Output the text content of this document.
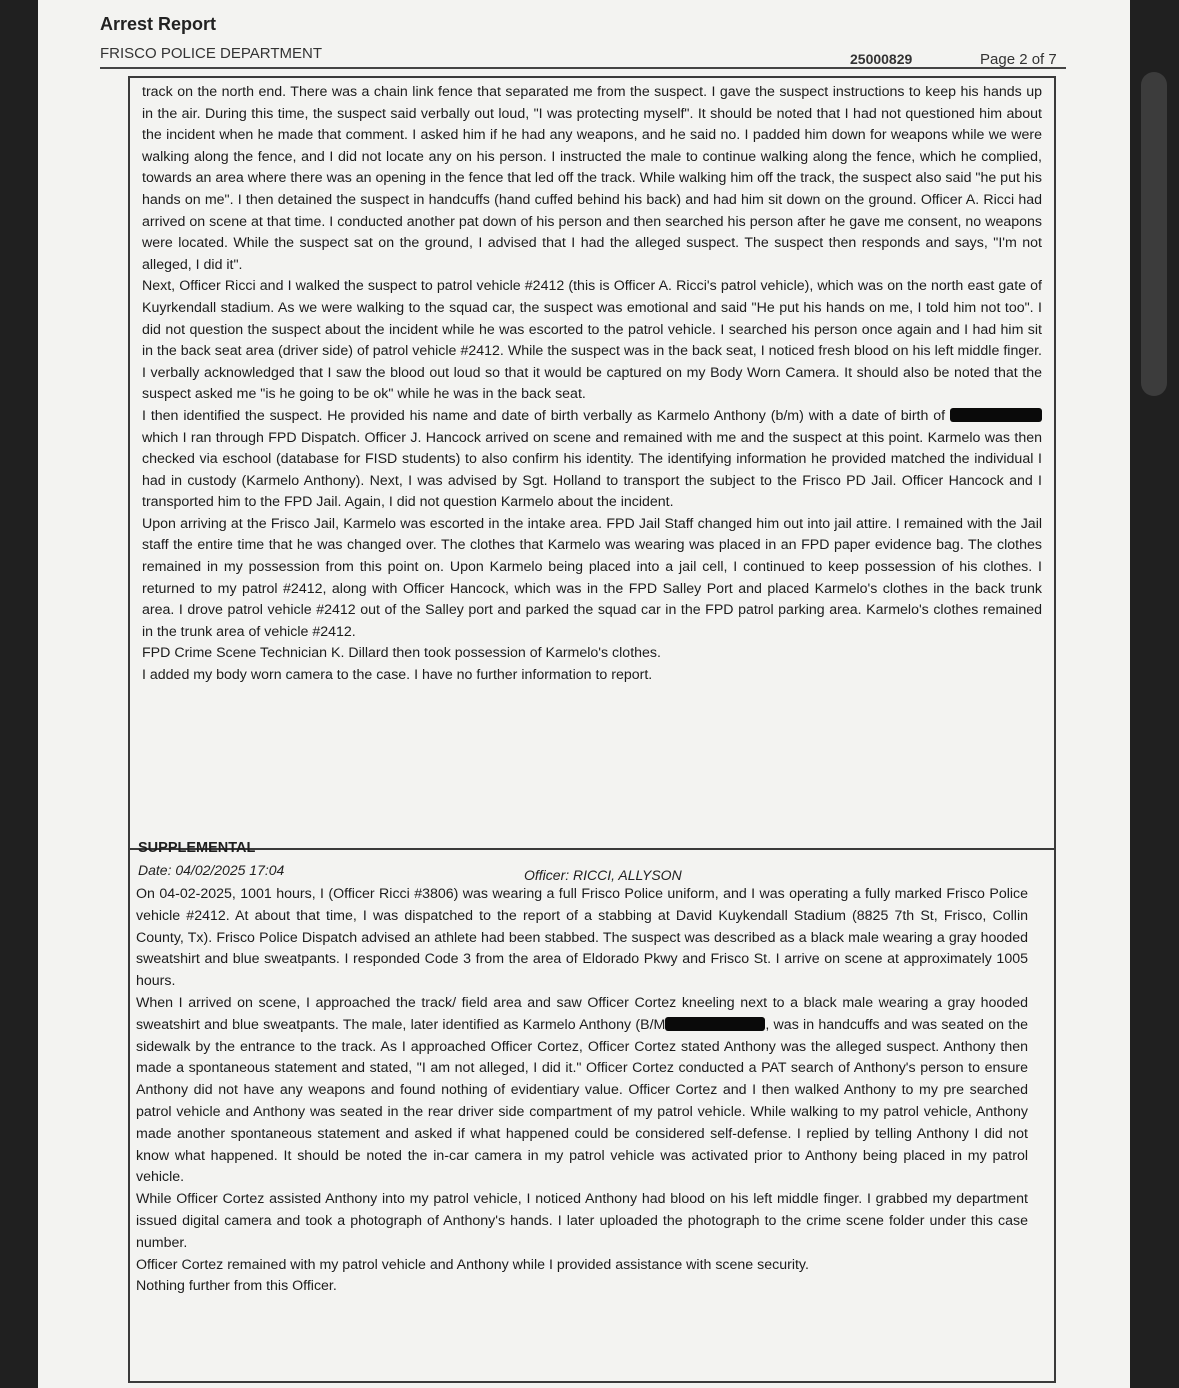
Arrest Report
FRISCO POLICE DEPARTMENT	25000829	Page 2 of 7

track on the north end. There was a chain link fence that separated me from the suspect. I gave the suspect instructions to keep his hands up in the air. During this time, the suspect said verbally out loud, "I was protecting myself". It should be noted that I had not questioned him about the incident when he made that comment. I asked him if he had any weapons, and he said no. I padded him down for weapons while we were walking along the fence, and I did not locate any on his person. I instructed the male to continue walking along the fence, which he complied, towards an area where there was an opening in the fence that led off the track. While walking him off the track, the suspect also said "he put his hands on me". I then detained the suspect in handcuffs (hand cuffed behind his back) and had him sit down on the ground. Officer A. Ricci had arrived on scene at that time. I conducted another pat down of his person and then searched his person after he gave me consent, no weapons were located. While the suspect sat on the ground, I advised that I had the alleged suspect. The suspect then responds and says, "I'm not alleged, I did it".

Next, Officer Ricci and I walked the suspect to patrol vehicle #2412 (this is Officer A. Ricci's patrol vehicle), which was on the north east gate of Kuyrkendall stadium. As we were walking to the squad car, the suspect was emotional and said "He put his hands on me, I told him not too". I did not question the suspect about the incident while he was escorted to the patrol vehicle. I searched his person once again and I had him sit in the back seat area (driver side) of patrol vehicle #2412. While the suspect was in the back seat, I noticed fresh blood on his left middle finger. I verbally acknowledged that I saw the blood out loud so that it would be captured on my Body Worn Camera. It should also be noted that the suspect asked me "is he going to be ok" while he was in the back seat.

I then identified the suspect. He provided his name and date of birth verbally as Karmelo Anthony (b/m) with a date of birth of  which I ran through FPD Dispatch. Officer J. Hancock arrived on scene and remained with me and the suspect at this point. Karmelo was then checked via eschool (database for FISD students) to also confirm his identity. The identifying information he provided matched the individual I had in custody (Karmelo Anthony). Next, I was advised by Sgt. Holland to transport the subject to the Frisco PD Jail. Officer Hancock and I transported him to the FPD Jail. Again, I did not question Karmelo about the incident.

Upon arriving at the Frisco Jail, Karmelo was escorted in the intake area. FPD Jail Staff changed him out into jail attire. I remained with the Jail staff the entire time that he was changed over. The clothes that Karmelo was wearing was placed in an FPD paper evidence bag. The clothes remained in my possession from this point on. Upon Karmelo being placed into a jail cell, I continued to keep possession of his clothes. I returned to my patrol #2412, along with Officer Hancock, which was in the FPD Salley Port and placed Karmelo's clothes in the back trunk area. I drove patrol vehicle #2412 out of the Salley port and parked the squad car in the FPD patrol parking area. Karmelo's clothes remained in the trunk area of vehicle #2412.

FPD Crime Scene Technician K. Dillard then took possession of Karmelo's clothes.

I added my body worn camera to the case. I have no further information to report.

SUPPLEMENTAL
Date: 04/02/2025 17:04	Officer: RICCI, ALLYSON

On 04-02-2025, 1001 hours, I (Officer Ricci #3806) was wearing a full Frisco Police uniform, and I was operating a fully marked Frisco Police vehicle #2412. At about that time, I was dispatched to the report of a stabbing at David Kuykendall Stadium (8825 7th St, Frisco, Collin County, Tx). Frisco Police Dispatch advised an athlete had been stabbed. The suspect was described as a black male wearing a gray hooded sweatshirt and blue sweatpants. I responded Code 3 from the area of Eldorado Pkwy and Frisco St. I arrive on scene at approximately 1005 hours.

When I arrived on scene, I approached the track/ field area and saw Officer Cortez kneeling next to a black male wearing a gray hooded sweatshirt and blue sweatpants. The male, later identified as Karmelo Anthony (B/M	, was in handcuffs and was seated on the sidewalk by the entrance to the track. As I approached Officer Cortez, Officer Cortez stated Anthony was the alleged suspect. Anthony then made a spontaneous statement and stated, "I am not alleged, I did it." Officer Cortez conducted a PAT search of Anthony's person to ensure Anthony did not have any weapons and found nothing of evidentiary value. Officer Cortez and I then walked Anthony to my pre searched patrol vehicle and Anthony was seated in the rear driver side compartment of my patrol vehicle. While walking to my patrol vehicle, Anthony made another spontaneous statement and asked if what happened could be considered self-defense. I replied by telling Anthony I did not know what happened. It should be noted the in-car camera in my patrol vehicle was activated prior to Anthony being placed in my patrol vehicle.

While Officer Cortez assisted Anthony into my patrol vehicle, I noticed Anthony had blood on his left middle finger. I grabbed my department issued digital camera and took a photograph of Anthony's hands. I later uploaded the photograph to the crime scene folder under this case number.

Officer Cortez remained with my patrol vehicle and Anthony while I provided assistance with scene security.

Nothing further from this Officer.
